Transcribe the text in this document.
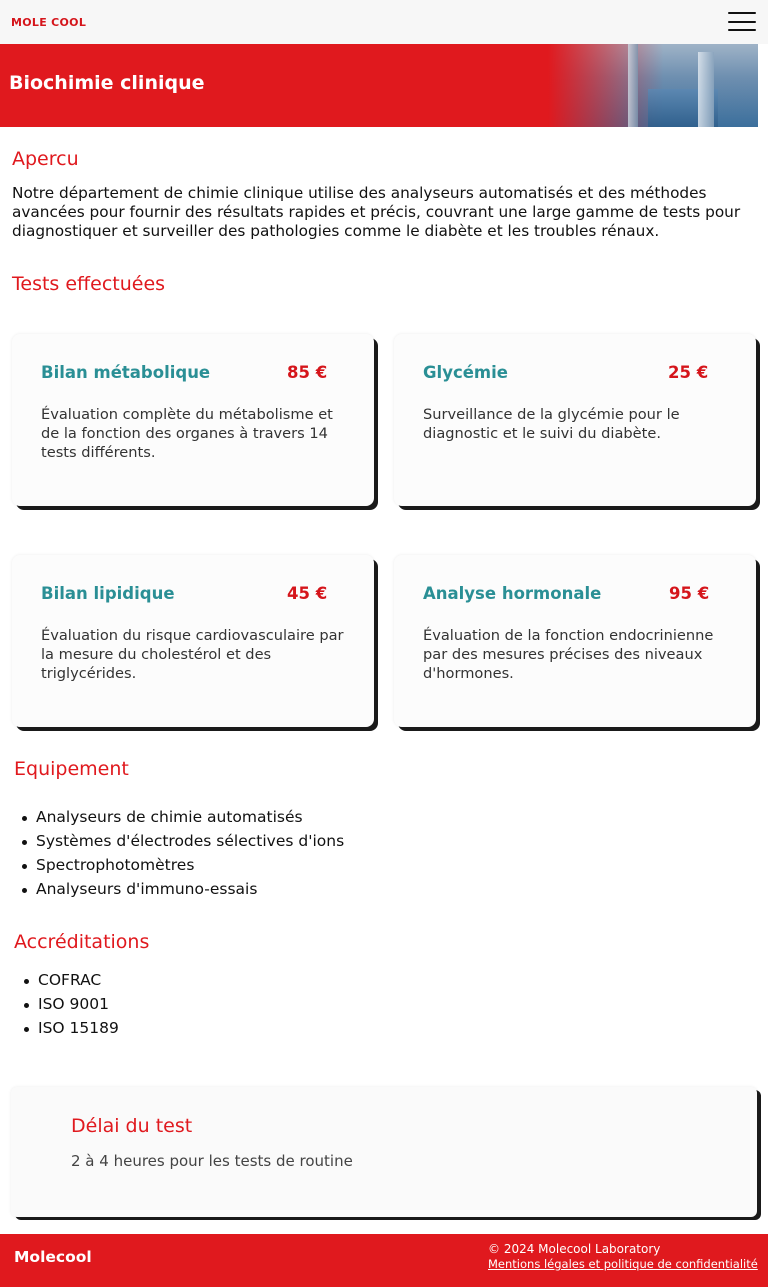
MOLE COOL
Biochimie clinique
Apercu

Notre département de chimie clinique utilise des analyseurs automatisés et des méthodes avancées pour fournir des résultats rapides et précis, couvrant une large gamme de tests pour diagnostiquer et surveiller des pathologies comme le diabète et les troubles rénaux.

Tests effectuées
Bilan métabolique	85 €
Évaluation complète du métabolisme et de la fonction des organes à travers 14 tests différents.
Glycémie	25 €
Surveillance de la glycémie pour le diagnostic et le suivi du diabète.
Bilan lipidique	45 €
Évaluation du risque cardiovasculaire par la mesure du cholestérol et des triglycérides.
Analyse hormonale	95 €
Évaluation de la fonction endocrinienne par des mesures précises des niveaux d'hormones.
Equipement
Analyseurs de chimie automatisés
Systèmes d'électrodes sélectives d'ions
Spectrophotomètres
Analyseurs d'immuno-essais
Accréditations
COFRAC
ISO 9001
ISO 15189
Délai du test
2 à 4 heures pour les tests de routine
Molecool	© 2024 Molecool Laboratory
Mentions légales et politique de confidentialité
